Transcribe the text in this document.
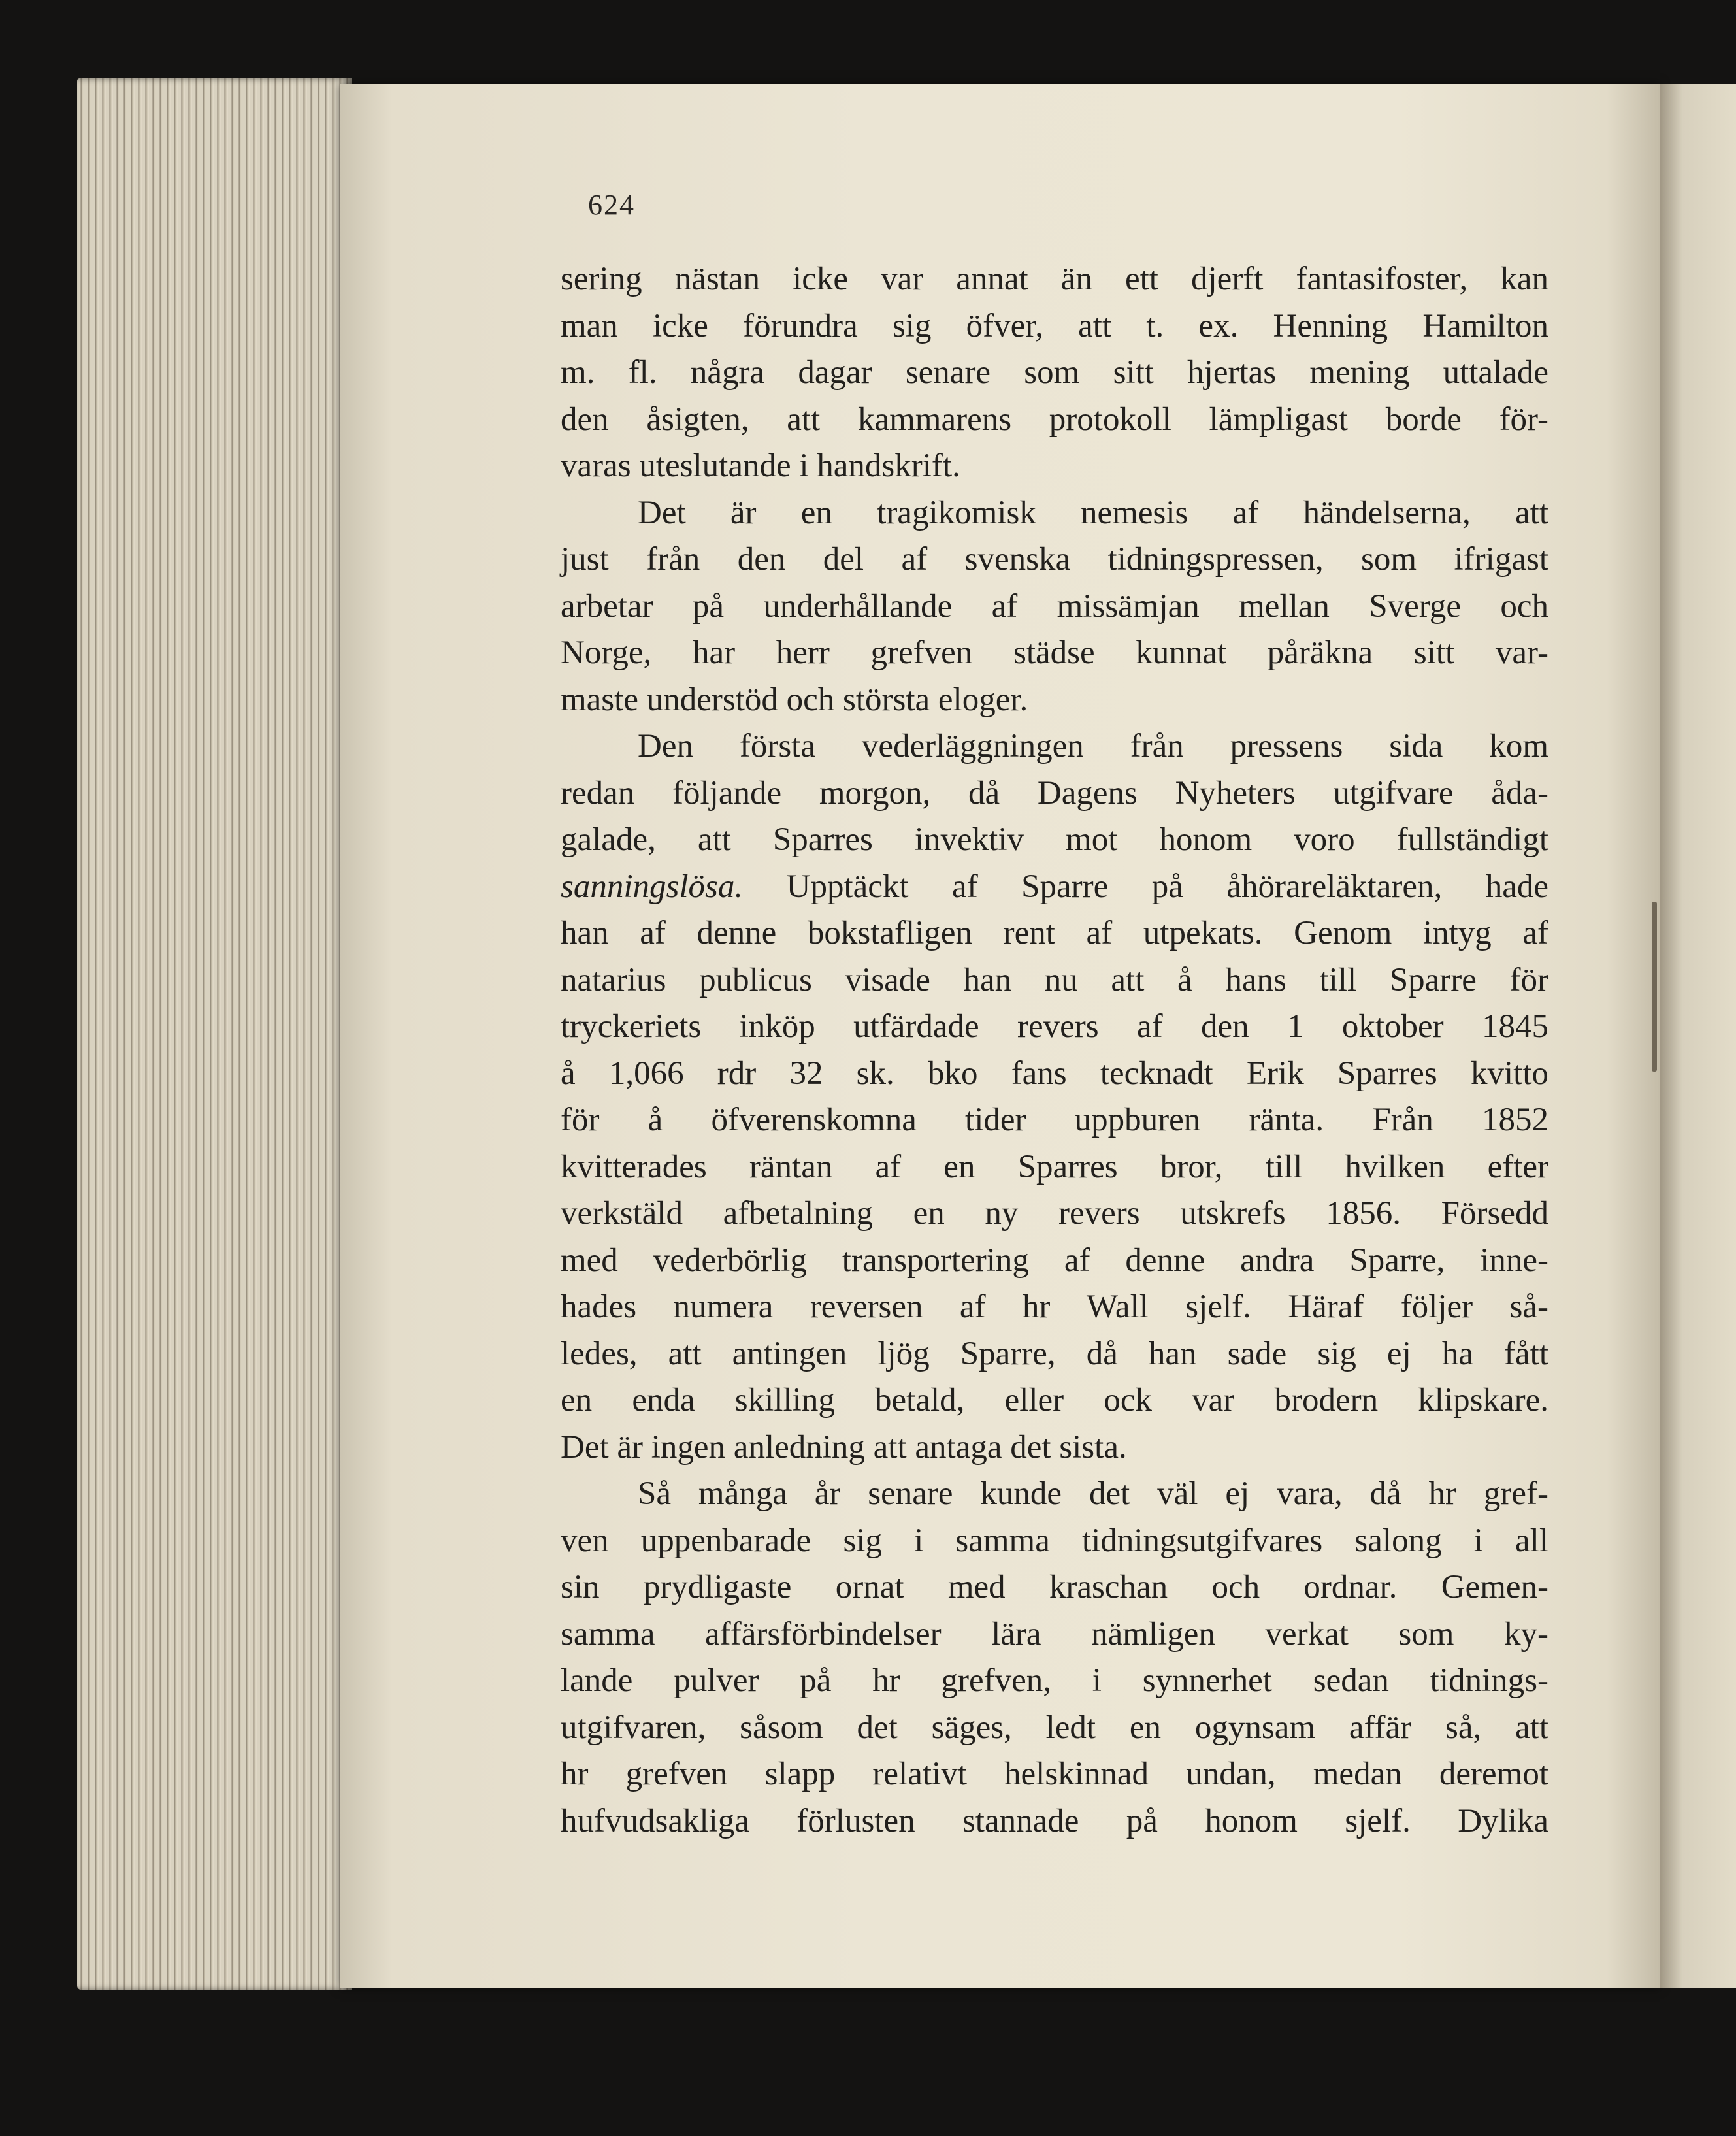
624
sering nästan icke var annat än ett djerft fantasifoster, kan
man icke förundra sig öfver, att t. ex. Henning Hamilton
m. fl. några dagar senare som sitt hjertas mening uttalade
den åsigten, att kammarens protokoll lämpligast borde för-
varas uteslutande i handskrift.
Det är en tragikomisk nemesis af händelserna, att
just från den del af svenska tidningspressen, som ifrigast
arbetar på underhållande af missämjan mellan Sverge och
Norge, har herr grefven städse kunnat påräkna sitt var-
maste understöd och största eloger.
Den första vederläggningen från pressens sida kom
redan följande morgon, då Dagens Nyheters utgifvare åda-
galade, att Sparres invektiv mot honom voro fullständigt
sanningslösa. Upptäckt af Sparre på åhörareläktaren, hade
han af denne bokstafligen rent af utpekats. Genom intyg af
natarius publicus visade han nu att å hans till Sparre för
tryckeriets inköp utfärdade revers af den 1 oktober 1845
å 1,066 rdr 32 sk. bko fans tecknadt Erik Sparres kvitto
för å öfverenskomna tider uppburen ränta. Från 1852
kvitterades räntan af en Sparres bror, till hvilken efter
verkstäld afbetalning en ny revers utskrefs 1856. Försedd
med vederbörlig transportering af denne andra Sparre, inne-
hades numera reversen af hr Wall sjelf. Häraf följer så-
ledes, att antingen ljög Sparre, då han sade sig ej ha fått
en enda skilling betald, eller ock var brodern klipskare.
Det är ingen anledning att antaga det sista.
Så många år senare kunde det väl ej vara, då hr gref-
ven uppenbarade sig i samma tidningsutgifvares salong i all
sin prydligaste ornat med kraschan och ordnar. Gemen-
samma affärsförbindelser lära nämligen verkat som ky-
lande pulver på hr grefven, i synnerhet sedan tidnings-
utgifvaren, såsom det säges, ledt en ogynsam affär så, att
hr grefven slapp relativt helskinnad undan, medan deremot
hufvudsakliga förlusten stannade på honom sjelf. Dylika
